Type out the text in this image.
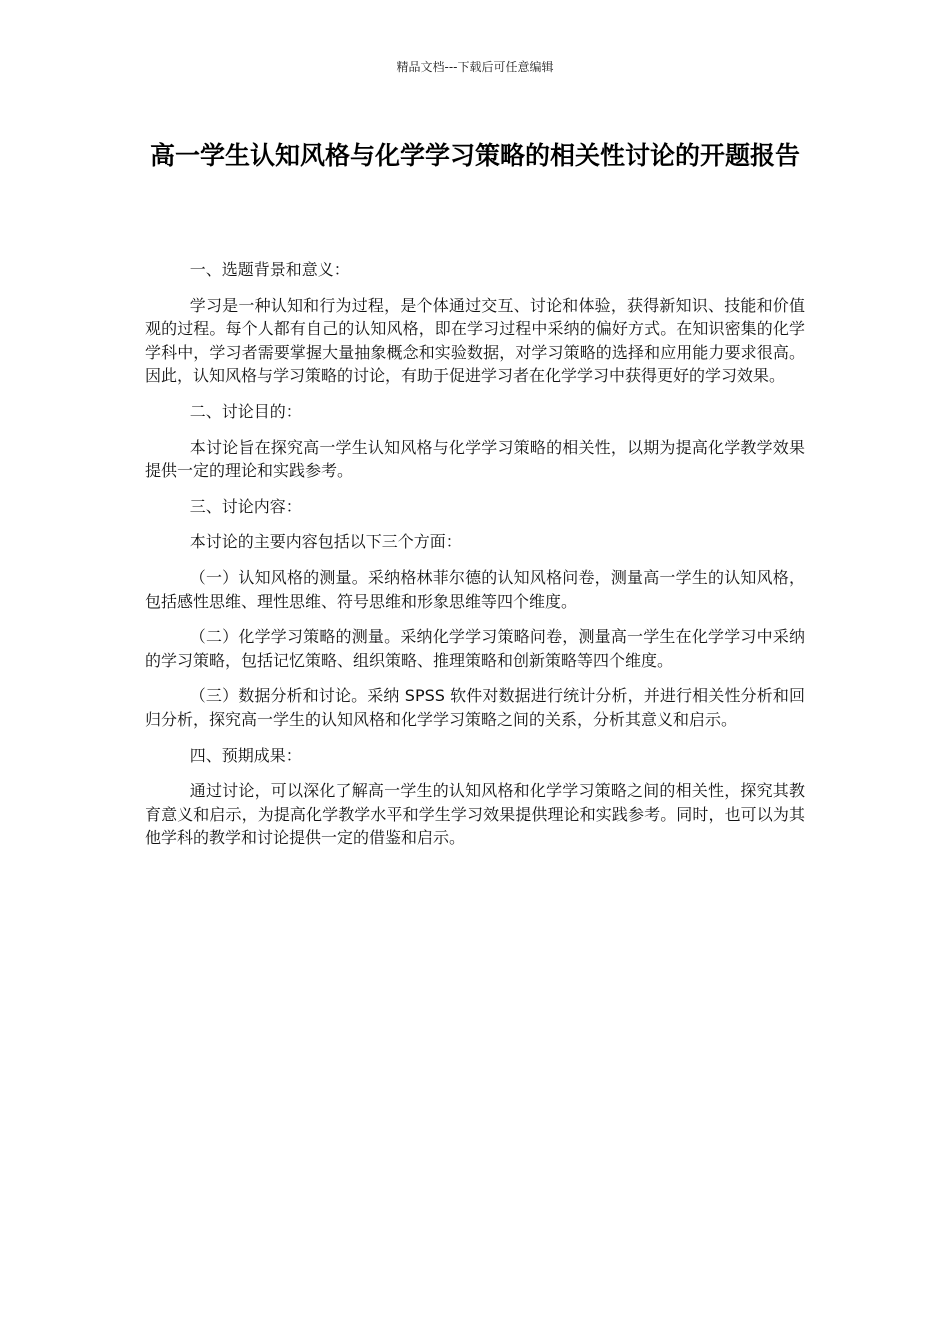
精品文档---下载后可任意编辑
高一学生认知风格与化学学习策略的相关性讨论的开题报告

一、选题背景和意义：

学习是一种认知和行为过程，是个体通过交互、讨论和体验，获得新知识、技能和价值观的过程。每个人都有自己的认知风格，即在学习过程中采纳的偏好方式。在知识密集的化学学科中，学习者需要掌握大量抽象概念和实验数据，对学习策略的选择和应用能力要求很高。因此，认知风格与学习策略的讨论，有助于促进学习者在化学学习中获得更好的学习效果。

二、讨论目的：

本讨论旨在探究高一学生认知风格与化学学习策略的相关性，以期为提高化学教学效果提供一定的理论和实践参考。

三、讨论内容：

本讨论的主要内容包括以下三个方面：

（一）认知风格的测量。采纳格林菲尔德的认知风格问卷，测量高一学生的认知风格，包括感性思维、理性思维、符号思维和形象思维等四个维度。

（二）化学学习策略的测量。采纳化学学习策略问卷，测量高一学生在化学学习中采纳的学习策略，包括记忆策略、组织策略、推理策略和创新策略等四个维度。

（三）数据分析和讨论。采纳 SPSS 软件对数据进行统计分析，并进行相关性分析和回归分析，探究高一学生的认知风格和化学学习策略之间的关系，分析其意义和启示。

四、预期成果：

通过讨论，可以深化了解高一学生的认知风格和化学学习策略之间的相关性，探究其教育意义和启示，为提高化学教学水平和学生学习效果提供理论和实践参考。同时，也可以为其他学科的教学和讨论提供一定的借鉴和启示。
